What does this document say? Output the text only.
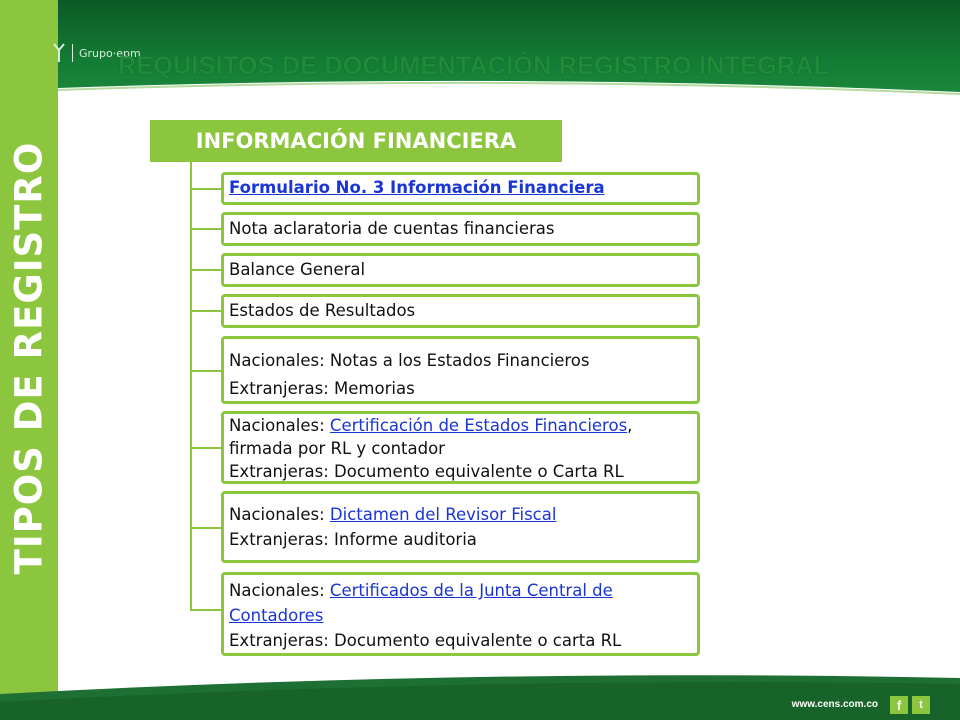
TIPOS DE REGISTRO
Grupo·epm
REQUISITOS DE DOCUMENTACIÓN REGISTRO INTEGRAL
INFORMACIÓN FINANCIERA
Formulario No. 3 Información Financiera
Nota aclaratoria de cuentas financieras
Balance General
Estados de Resultados
Nacionales: Notas a los Estados Financieros
Extranjeras: Memorias
Nacionales: Certificación de Estados Financieros, firmada por RL y contador
Extranjeras: Documento equivalente o Carta RL
Nacionales: Dictamen del Revisor Fiscal
Extranjeras: Informe auditoria
Nacionales: Certificados de la Junta Central de Contadores
Extranjeras: Documento equivalente o carta RL
www.cens.com.co	f	t
